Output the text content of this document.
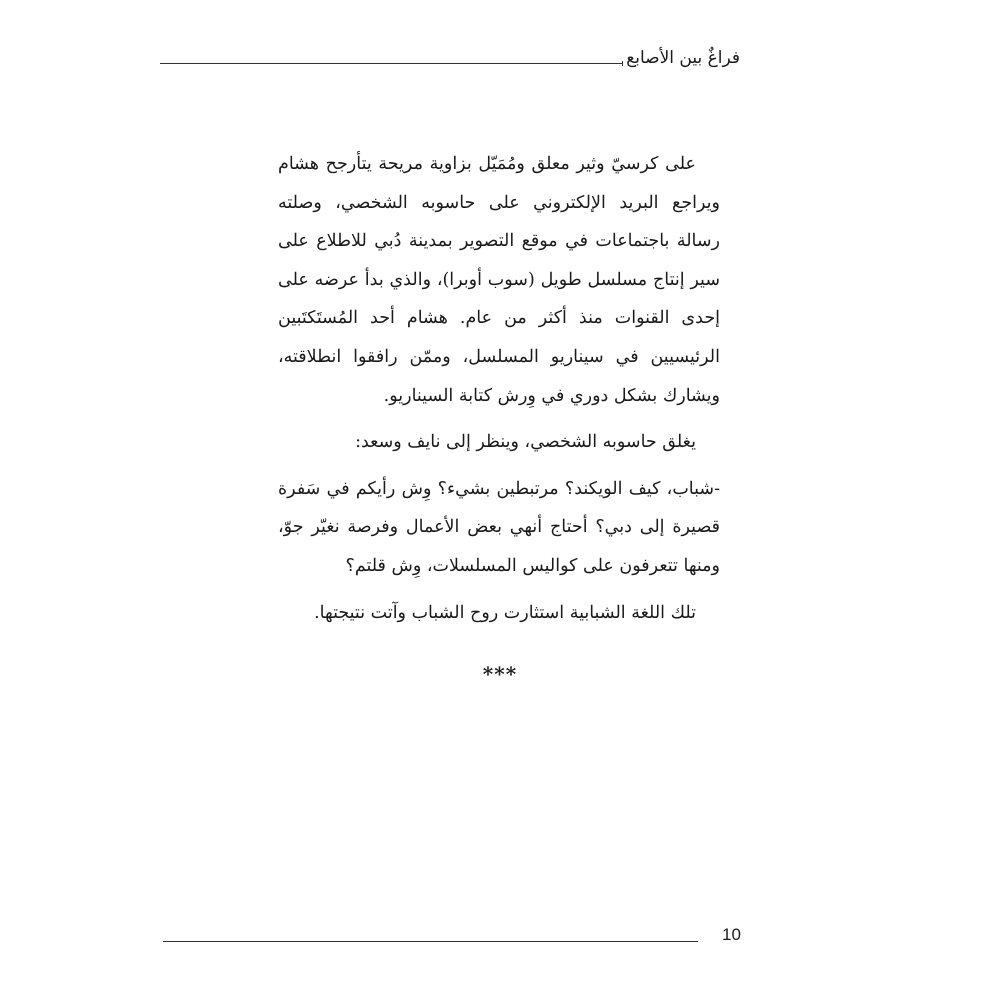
فراغٌ بين الأصابع

على كرسيّ وثير معلق ومُمَيّل بزاوية مريحة يتأرجح هشام ويراجع البريد الإلكتروني على حاسوبه الشخصي، وصلته رسالة باجتماعات في موقع التصوير بمدينة دُبي للاطلاع على سير إنتاج مسلسل طويل (سوب أوبرا)، والذي بدأ عرضه على إحدى القنوات منذ أكثر من عام. هشام أحد المُستَكتَبين الرئيسيين في سيناريو المسلسل، وممّن رافقوا انطلاقته، ويشارك بشكل دوري في وِرش كتابة السيناريو.

يغلق حاسوبه الشخصي، وينظر إلى نايف وسعد:

-شباب، كيف الويكند؟ مرتبطين بشيء؟ وِش رأيكم في سَفرة قصيرة إلى دبي؟ أحتاج أنهي بعض الأعمال وفرصة نغيّر جوّ، ومنها تتعرفون على كواليس المسلسلات، وِش قلتم؟

تلك اللغة الشبابية استثارت روح الشباب وآتت نتيجتها.

***
10
